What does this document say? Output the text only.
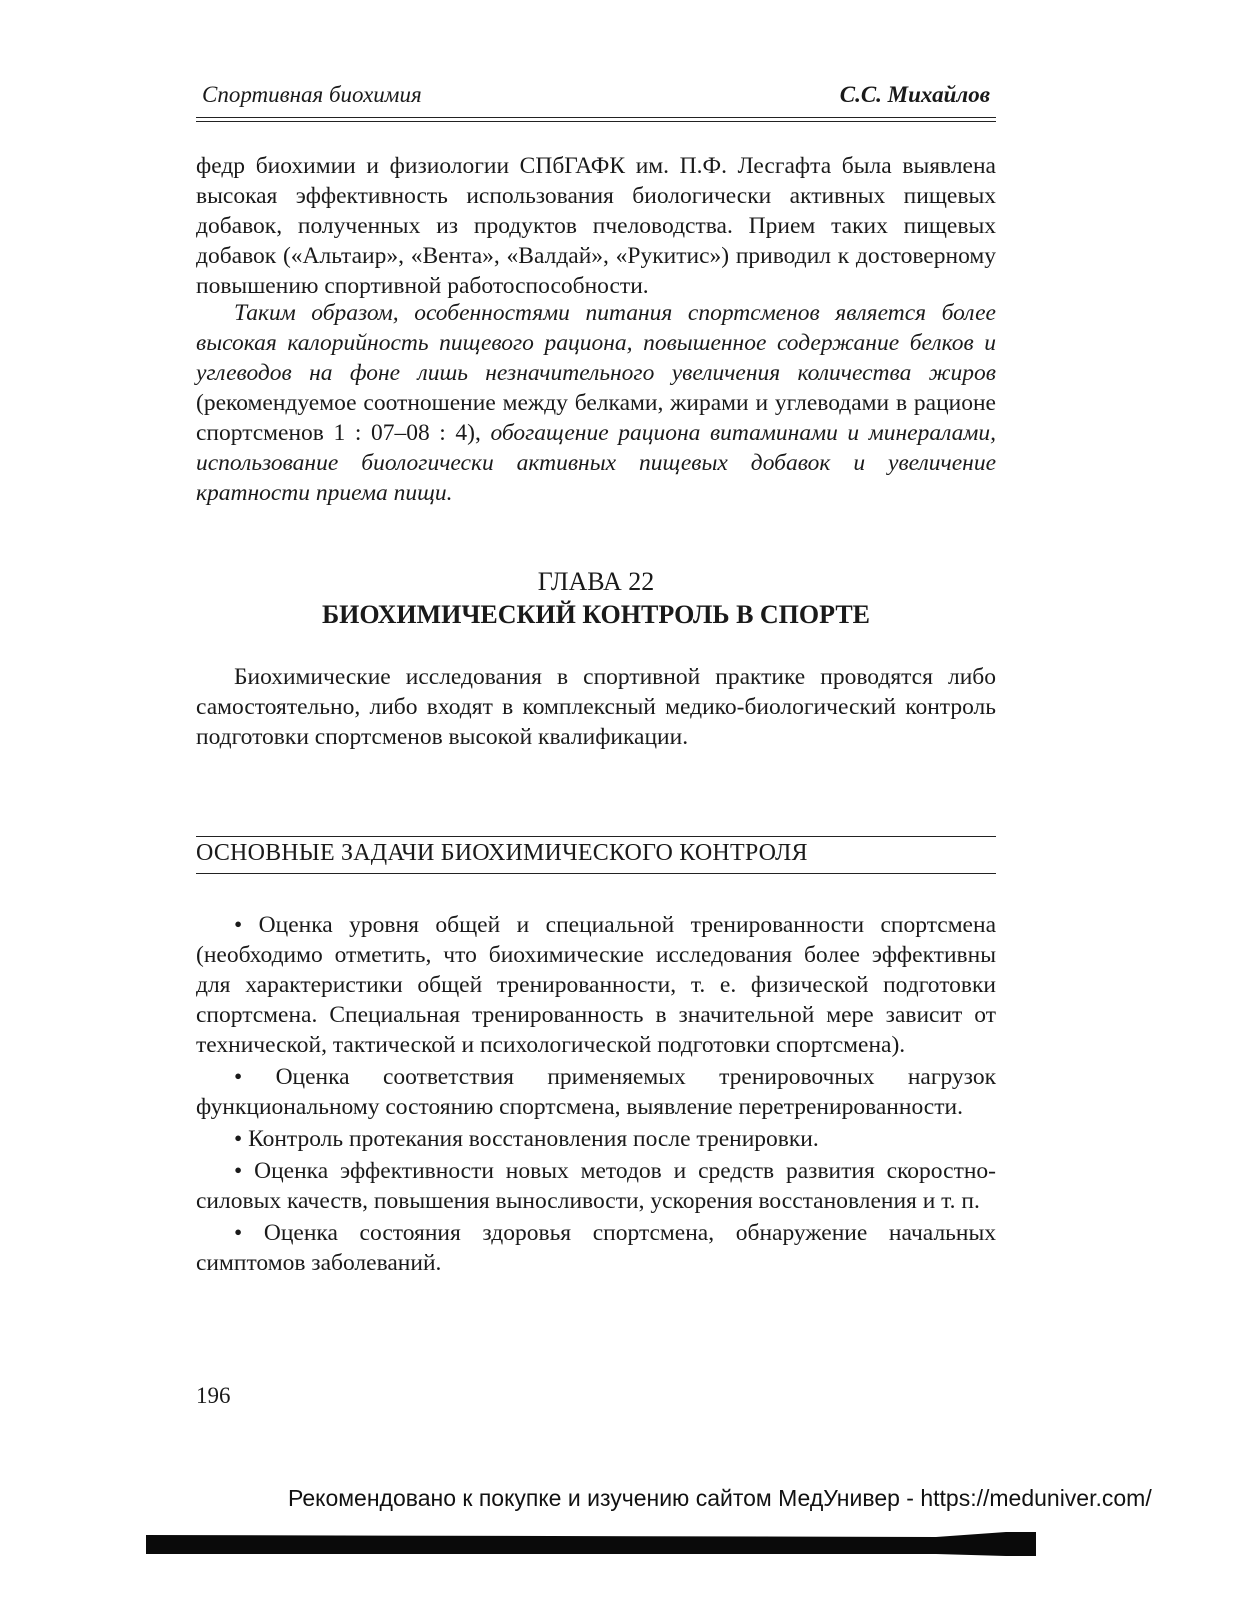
Спортивная биохимия	С.С. Михайлов
федр биохимии и физиологии СПбГАФК им. П.Ф. Лесгафта была выявлена высокая эффективность использования биологически активных пищевых добавок, полученных из продуктов пчеловодства. Прием таких пищевых добавок («Альтаир», «Вента», «Валдай», «Рукитис») приводил к достоверному повышению спортивной работоспособности.
Таким образом, особенностями питания спортсменов является более высокая калорийность пищевого рациона, повышенное содержание белков и углеводов на фоне лишь незначительного увеличения количества жиров (рекомендуемое соотношение между белками, жирами и углеводами в рационе спортсменов 1 : 07–08 : 4), обогащение рациона витаминами и минералами, использование биологически активных пищевых добавок и увеличение кратности приема пищи.
ГЛАВА 22
БИОХИМИЧЕСКИЙ КОНТРОЛЬ В СПОРТЕ
Биохимические исследования в спортивной практике проводятся либо самостоятельно, либо входят в комплексный медико-биологический контроль подготовки спортсменов высокой квалификации.
ОСНОВНЫЕ ЗАДАЧИ БИОХИМИЧЕСКОГО КОНТРОЛЯ

• Оценка уровня общей и специальной тренированности спортсмена (необходимо отметить, что биохимические исследования более эффективны для характеристики общей тренированности, т. е. физической подготовки спортсмена. Специальная тренированность в значительной мере зависит от технической, тактической и психологической подготовки спортсмена).

• Оценка соответствия применяемых тренировочных нагрузок функциональному состоянию спортсмена, выявление перетренированности.

• Контроль протекания восстановления после тренировки.

• Оценка эффективности новых методов и средств развития скоростно-силовых качеств, повышения выносливости, ускорения восстановления и т. п.

• Оценка состояния здоровья спортсмена, обнаружение начальных симптомов заболеваний.

196
Рекомендовано к покупке и изучению сайтом МедУнивер - https://meduniver.com/
